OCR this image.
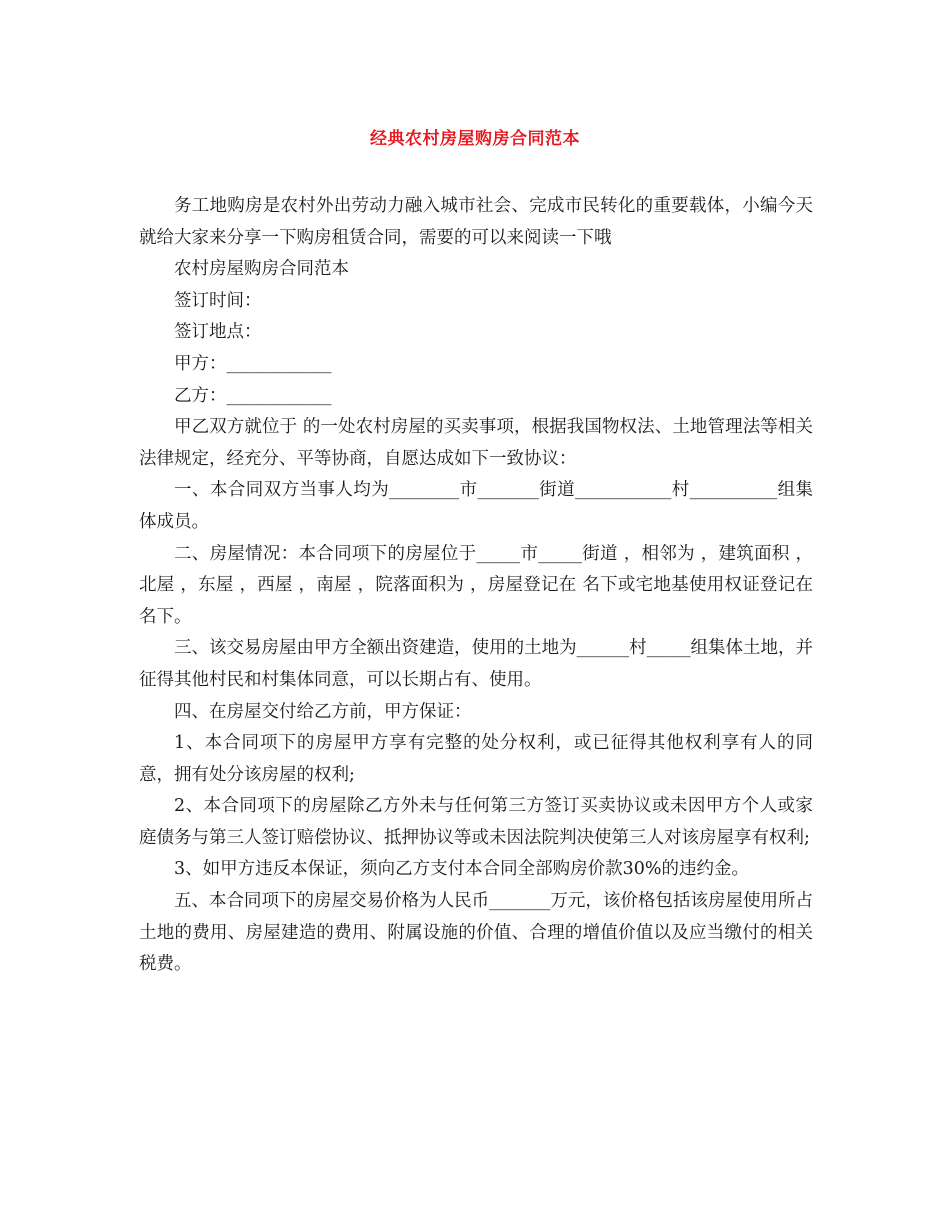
经典农村房屋购房合同范本

务工地购房是农村外出劳动力融入城市社会、完成市民转化的重要载体，小编今天就给大家来分享一下购房租赁合同，需要的可以来阅读一下哦

农村房屋购房合同范本

签订时间：

签订地点：

甲方：____________

乙方：____________

甲乙双方就位于 的一处农村房屋的买卖事项，根据我国物权法、土地管理法等相关法律规定，经充分、平等协商，自愿达成如下一致协议：

一、本合同双方当事人均为________市_______街道___________村__________组集体成员。

二、房屋情况：本合同项下的房屋位于_____市_____街道 ，相邻为 ，建筑面积 ，北屋 ，东屋 ，西屋 ，南屋 ，院落面积为 ，房屋登记在 名下或宅地基使用权证登记在 名下。

三、该交易房屋由甲方全额出资建造，使用的土地为______村_____组集体土地，并征得其他村民和村集体同意，可以长期占有、使用。

四、在房屋交付给乙方前，甲方保证：

1、本合同项下的房屋甲方享有完整的处分权利，或已征得其他权利享有人的同意，拥有处分该房屋的权利;

2、本合同项下的房屋除乙方外未与任何第三方签订买卖协议或未因甲方个人或家庭债务与第三人签订赔偿协议、抵押协议等或未因法院判决使第三人对该房屋享有权利;

3、如甲方违反本保证，须向乙方支付本合同全部购房价款30%的违约金。

五、本合同项下的房屋交易价格为人民币_______万元，该价格包括该房屋使用所占土地的费用、房屋建造的费用、附属设施的价值、合理的增值价值以及应当缴付的相关税费。
